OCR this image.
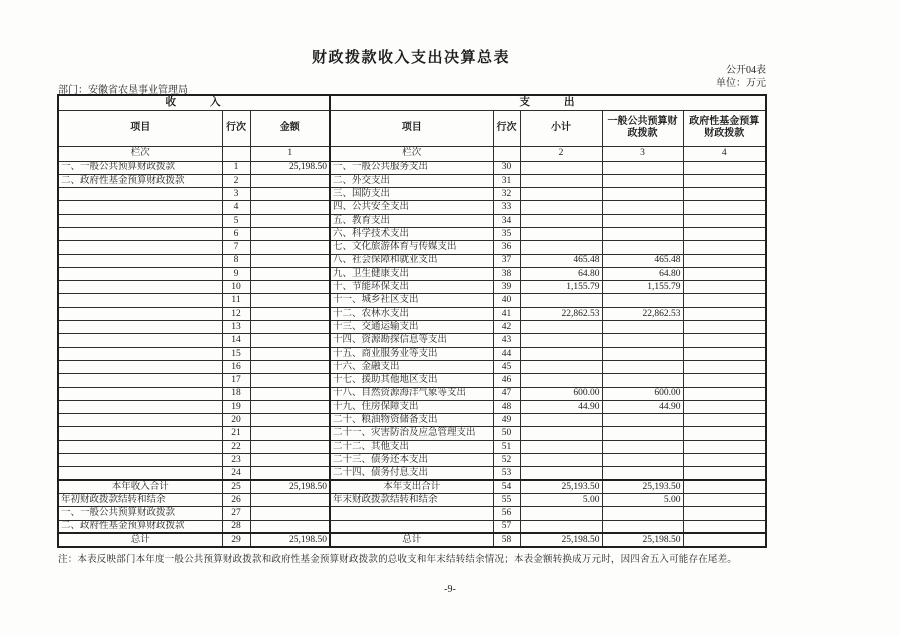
财政拨款收入支出决算总表
公开04表
单位：万元
部门：安徽省农垦事业管理局
收入			支出				
项目	行次	金额	项目	行次	小计	一般公共预算财政拨款	政府性基金预算财政拨款
栏次		1	栏次		2	3	4
一、一般公共预算财政拨款	1	25,198.50	一、一般公共服务支出	30			
二、政府性基金预算财政拨款	2		二、外交支出	31			
	3		三、国防支出	32			
	4		四、公共安全支出	33			
	5		五、教育支出	34			
	6		六、科学技术支出	35			
	7		七、文化旅游体育与传媒支出	36			
	8		八、社会保障和就业支出	37	465.48	465.48	
	9		九、卫生健康支出	38	64.80	64.80	
	10		十、节能环保支出	39	1,155.79	1,155.79	
	11		十一、城乡社区支出	40			
	12		十二、农林水支出	41	22,862.53	22,862.53	
	13		十三、交通运输支出	42			
	14		十四、资源勘探信息等支出	43			
	15		十五、商业服务业等支出	44			
	16		十六、金融支出	45			
	17		十七、援助其他地区支出	46			
	18		十八、自然资源海洋气象等支出	47	600.00	600.00	
	19		十九、住房保障支出	48	44.90	44.90	
	20		二十、粮油物资储备支出	49			
	21		二十一、灾害防治及应急管理支出	50			
	22		二十二、其他支出	51			
	23		二十三、债务还本支出	52			
	24		二十四、债务付息支出	53			
本年收入合计	25	25,198.50	本年支出合计	54	25,193.50	25,193.50	
年初财政拨款结转和结余	26		年末财政拨款结转和结余	55	5.00	5.00	
一、一般公共预算财政拨款	27			56			
二、政府性基金预算财政拨款	28			57			
总计	29	25,198.50	总计	58	25,198.50	25,198.50	
注：本表反映部门本年度一般公共预算财政拨款和政府性基金预算财政拨款的总收支和年末结转结余情况；本表金额转换成万元时，因四舍五入可能存在尾差。
-9-
